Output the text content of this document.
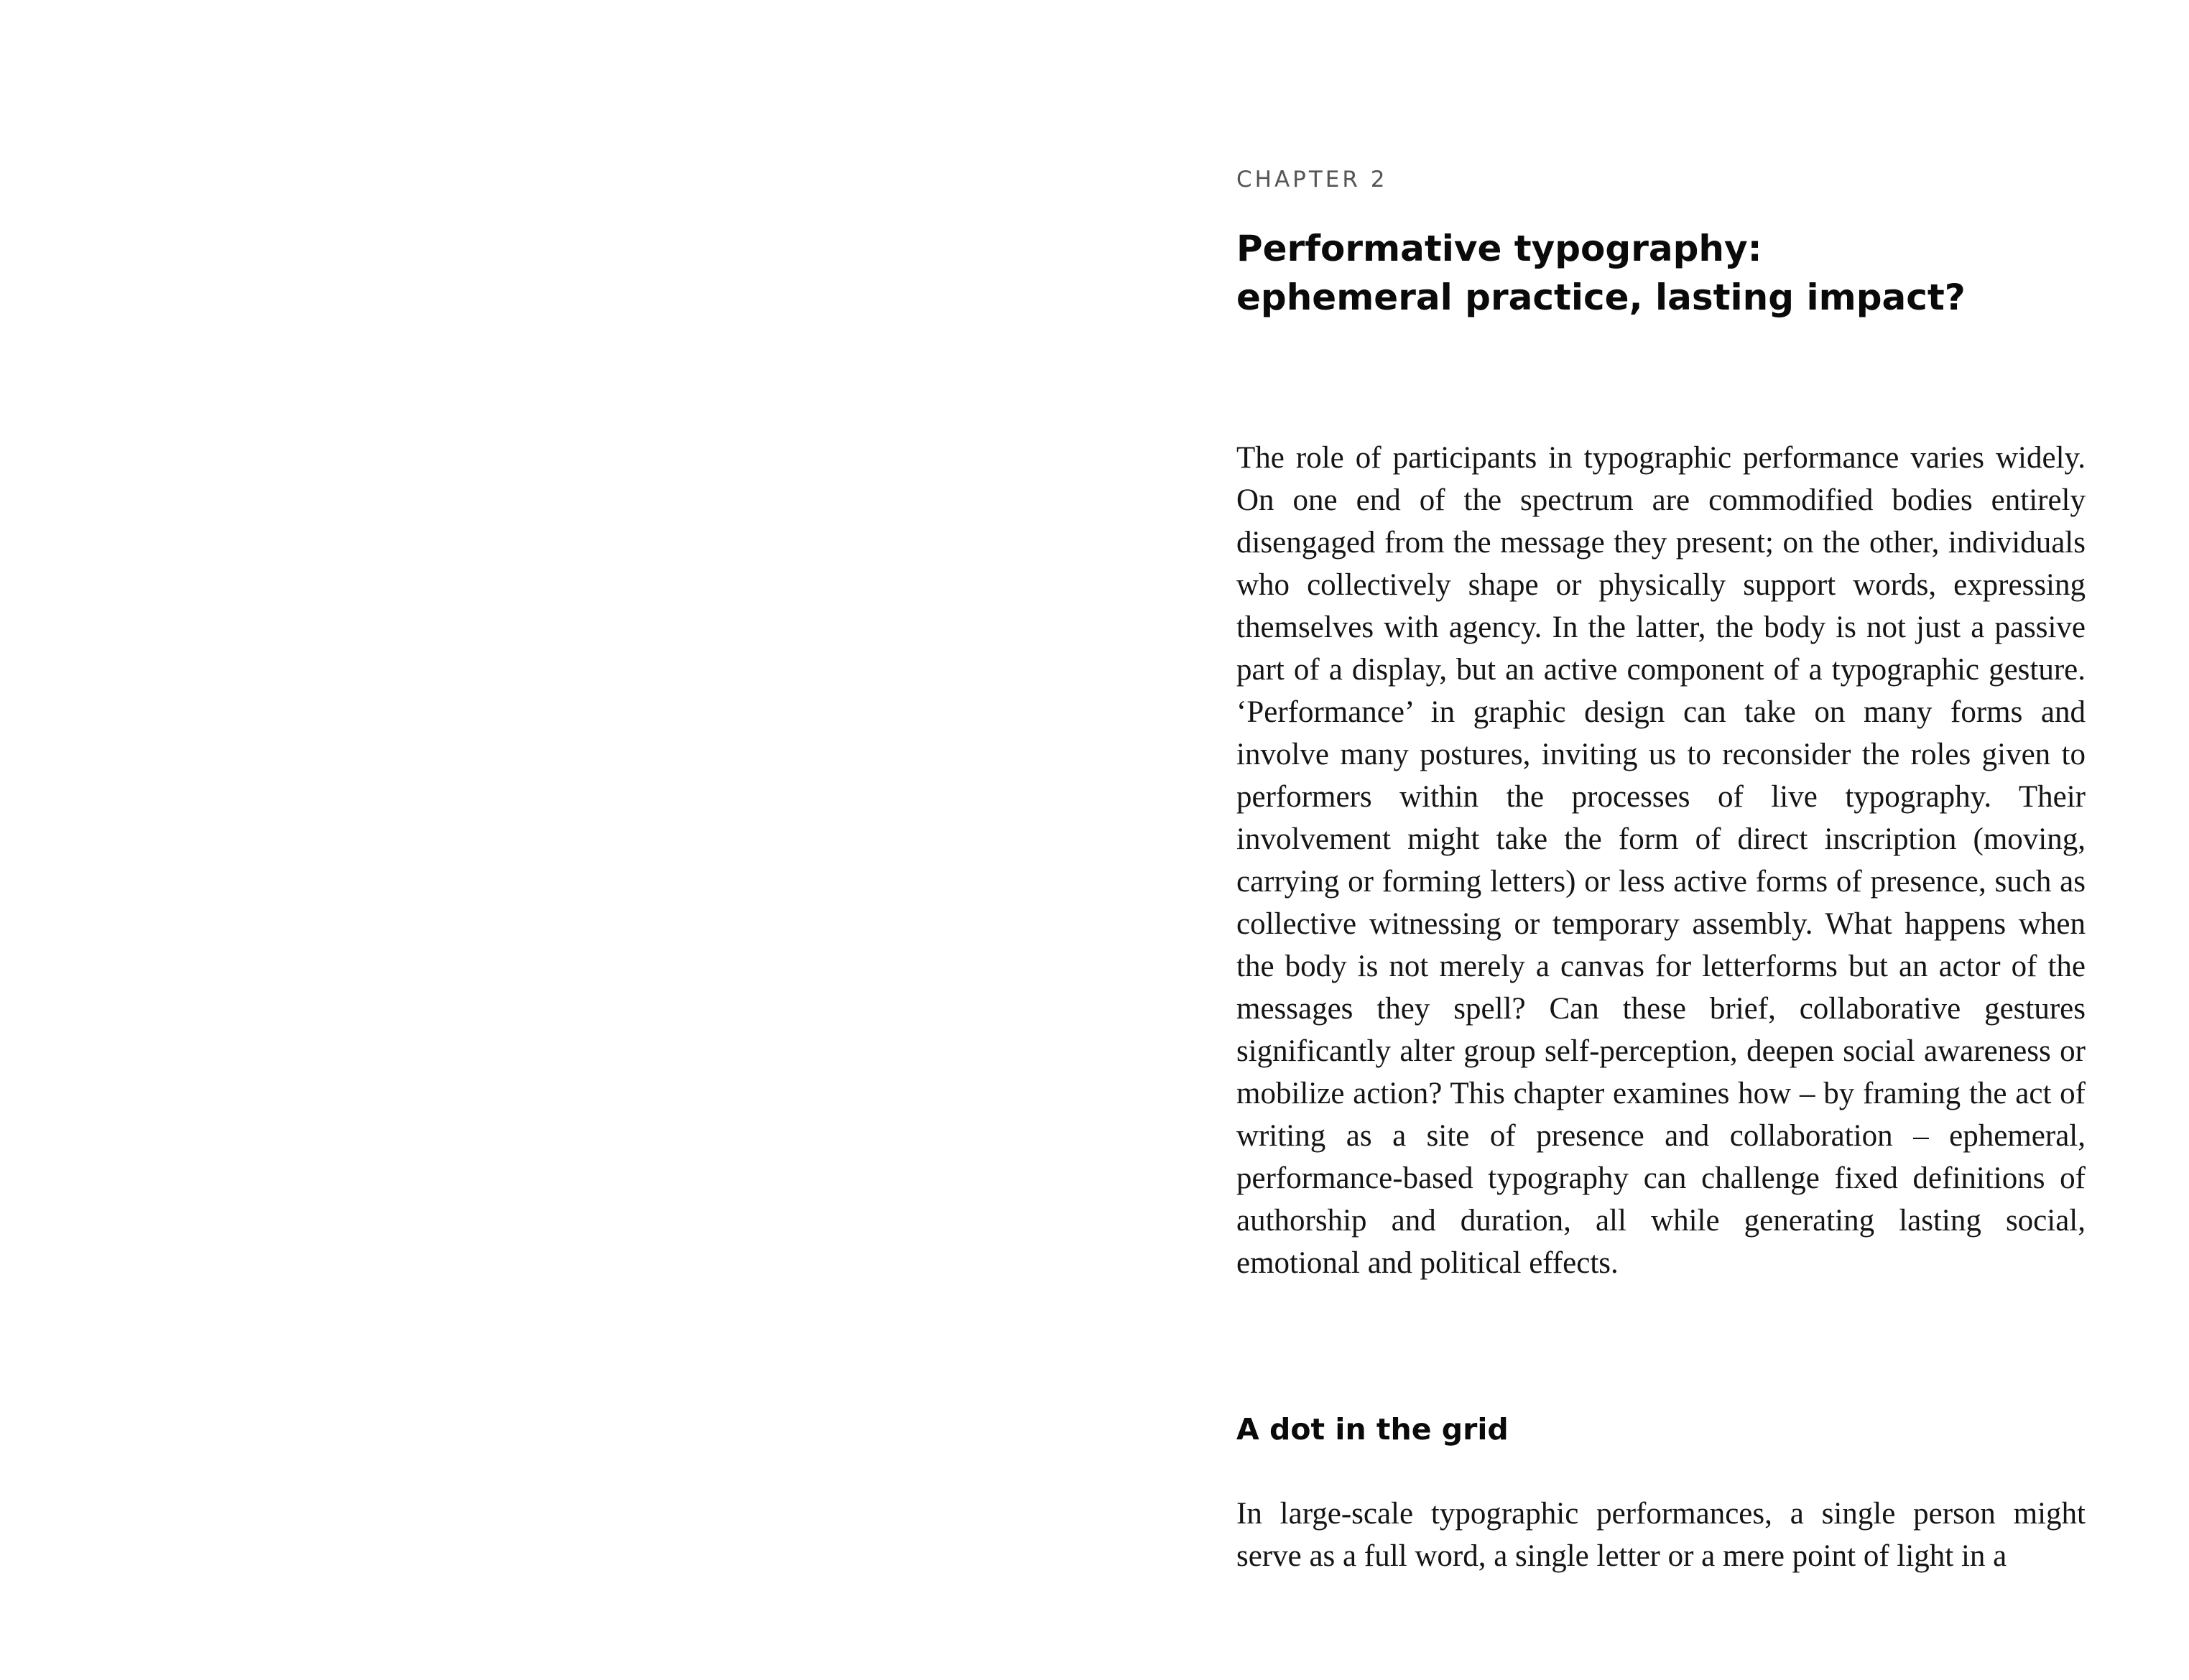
CHAPTER 2
Performative typography:
ephemeral practice, lasting impact?

The role of participants in typographic performance varies widely. On one end of the spectrum are commodified bodies entirely disengaged from the message they present; on the other, individuals who collectively shape or physically support words, expressing themselves with agency. In the latter, the body is not just a passive part of a display, but an active component of a typographic gesture. ‘Performance’ in graphic design can take on many forms and involve many postures, inviting us to reconsider the roles given to performers within the processes of live typography. Their involvement might take the form of direct inscription (moving, carrying or forming letters) or less active forms of presence, such as collective witnessing or temporary assembly. What happens when the body is not merely a canvas for letterforms but an actor of the messages they spell? Can these brief, collaborative gestures significantly alter group self-perception, deepen social awareness or mobilize action? This chapter examines how – by framing the act of writing as a site of presence and collaboration – ephemeral, performance-based typography can challenge fixed definitions of authorship and duration, all while generating lasting social, emotional and political effects.

A dot in the grid

In large-scale typographic performances, a single person might serve as a full word, a single letter or a mere point of light in a
